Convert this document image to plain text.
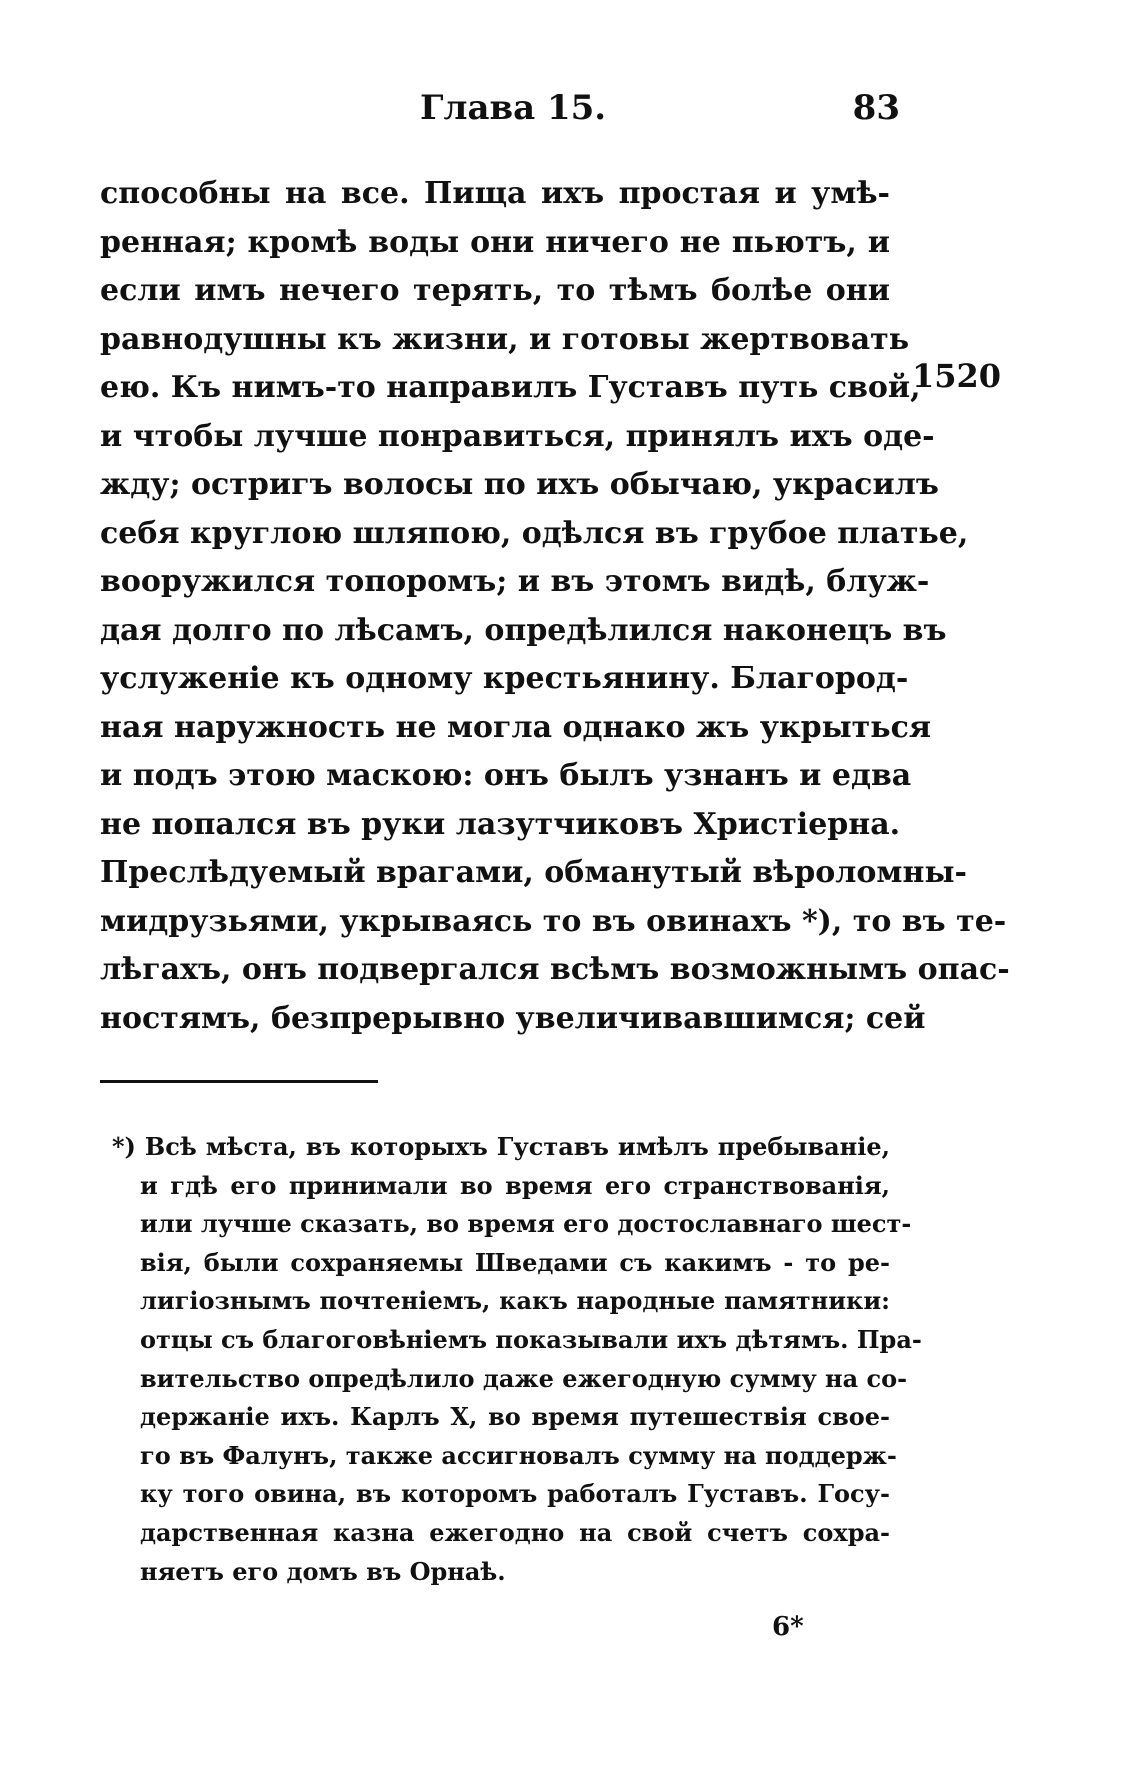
Глава 15.	83
1520
способны на все. Пища ихъ простая и умѣ-
ренная; кромѣ воды они ничего не пьютъ, и
если имъ нечего терять, то тѣмъ болѣе они
равнодушны къ жизни, и готовы жертвовать
ею. Къ нимъ-то направилъ Густавъ путь свой,
и чтобы лучше понравиться, принялъ ихъ оде-
жду; остригъ волосы по ихъ обычаю, украсилъ
себя круглою шляпою, одѣлся въ грубое платье,
вооружился топоромъ; и въ этомъ видѣ, блуж-
дая долго по лѣсамъ, опредѣлился наконецъ въ
услуженіе къ одному крестьянину. Благород-
ная наружность не могла однако жъ укрыться
и подъ этою маскою: онъ былъ узнанъ и едва
не попался въ руки лазутчиковъ Христіерна.
Преслѣдуемый врагами, обманутый вѣроломны-
мидрузьями, укрываясь то въ овинахъ *), то въ те-
лѣгахъ, онъ подвергался всѣмъ возможнымъ опас-
ностямъ, безпрерывно увеличивавшимся; сей
*) Всѣ мѣста, въ которыхъ Густавъ имѣлъ пребываніе,
и гдѣ его принимали во время его странствованія,
или лучше сказать, во время его достославнаго шест-
вія, были сохраняемы Шведами съ какимъ - то ре-
лигіознымъ почтеніемъ, какъ народные памятники:
отцы съ благоговѣніемъ показывали ихъ дѣтямъ. Пра-
вительство опредѣлило даже ежегодную сумму на со-
держаніе ихъ. Карлъ X, во время путешествія свое-
го въ Фалунъ, также ассигновалъ сумму на поддерж-
ку того овина, въ которомъ работалъ Густавъ. Госу-
дарственная казна ежегодно на свой счетъ сохра-
няетъ его домъ въ Орнаѣ.
6*
